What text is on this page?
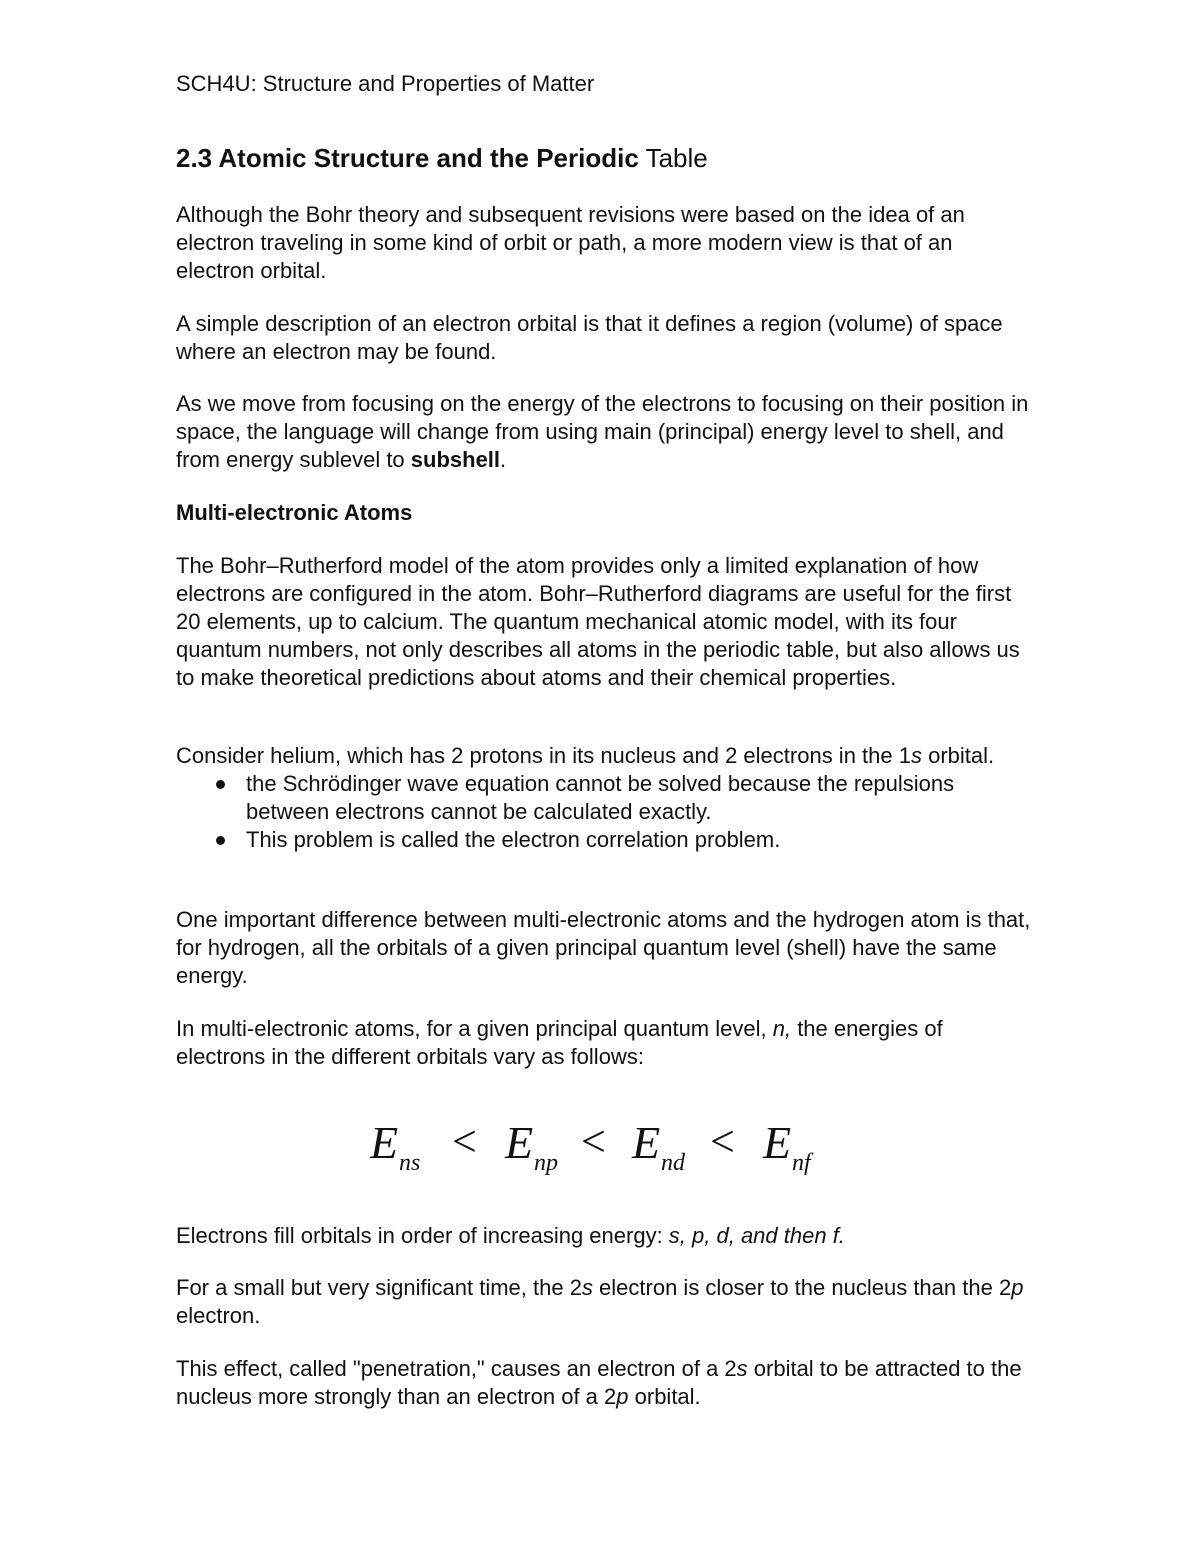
SCH4U: Structure and Properties of Matter
2.3 Atomic Structure and the Periodic Table

Although the Bohr theory and subsequent revisions were based on the idea of an electron traveling in some kind of orbit or path, a more modern view is that of an electron orbital.

A simple description of an electron orbital is that it defines a region (volume) of space where an electron may be found.

As we move from focusing on the energy of the electrons to focusing on their position in space, the language will change from using main (principal) energy level to shell, and from energy sublevel to subshell.

Multi-electronic Atoms

The Bohr–Rutherford model of the atom provides only a limited explanation of how electrons are configured in the atom. Bohr–Rutherford diagrams are useful for the first 20 elements, up to calcium. The quantum mechanical atomic model, with its four quantum numbers, not only describes all atoms in the periodic table, but also allows us to make theoretical predictions about atoms and their chemical properties.

Consider helium, which has 2 protons in its nucleus and 2 electrons in the 1s orbital.

the Schrödinger wave equation cannot be solved because the repulsions between electrons cannot be calculated exactly.
This problem is called the electron correlation problem.

One important difference between multi-electronic atoms and the hydrogen atom is that, for hydrogen, all the orbitals of a given principal quantum level (shell) have the same energy.

In multi-electronic atoms, for a given principal quantum level, n, the energies of electrons in the different orbitals vary as follows:

Electrons fill orbitals in order of increasing energy: s, p, d, and then f.

For a small but very significant time, the 2s electron is closer to the nucleus than the 2p electron.

This effect, called "penetration," causes an electron of a 2s orbital to be attracted to the nucleus more strongly than an electron of a 2p orbital.

E ns E np E nd E nf
< < <
